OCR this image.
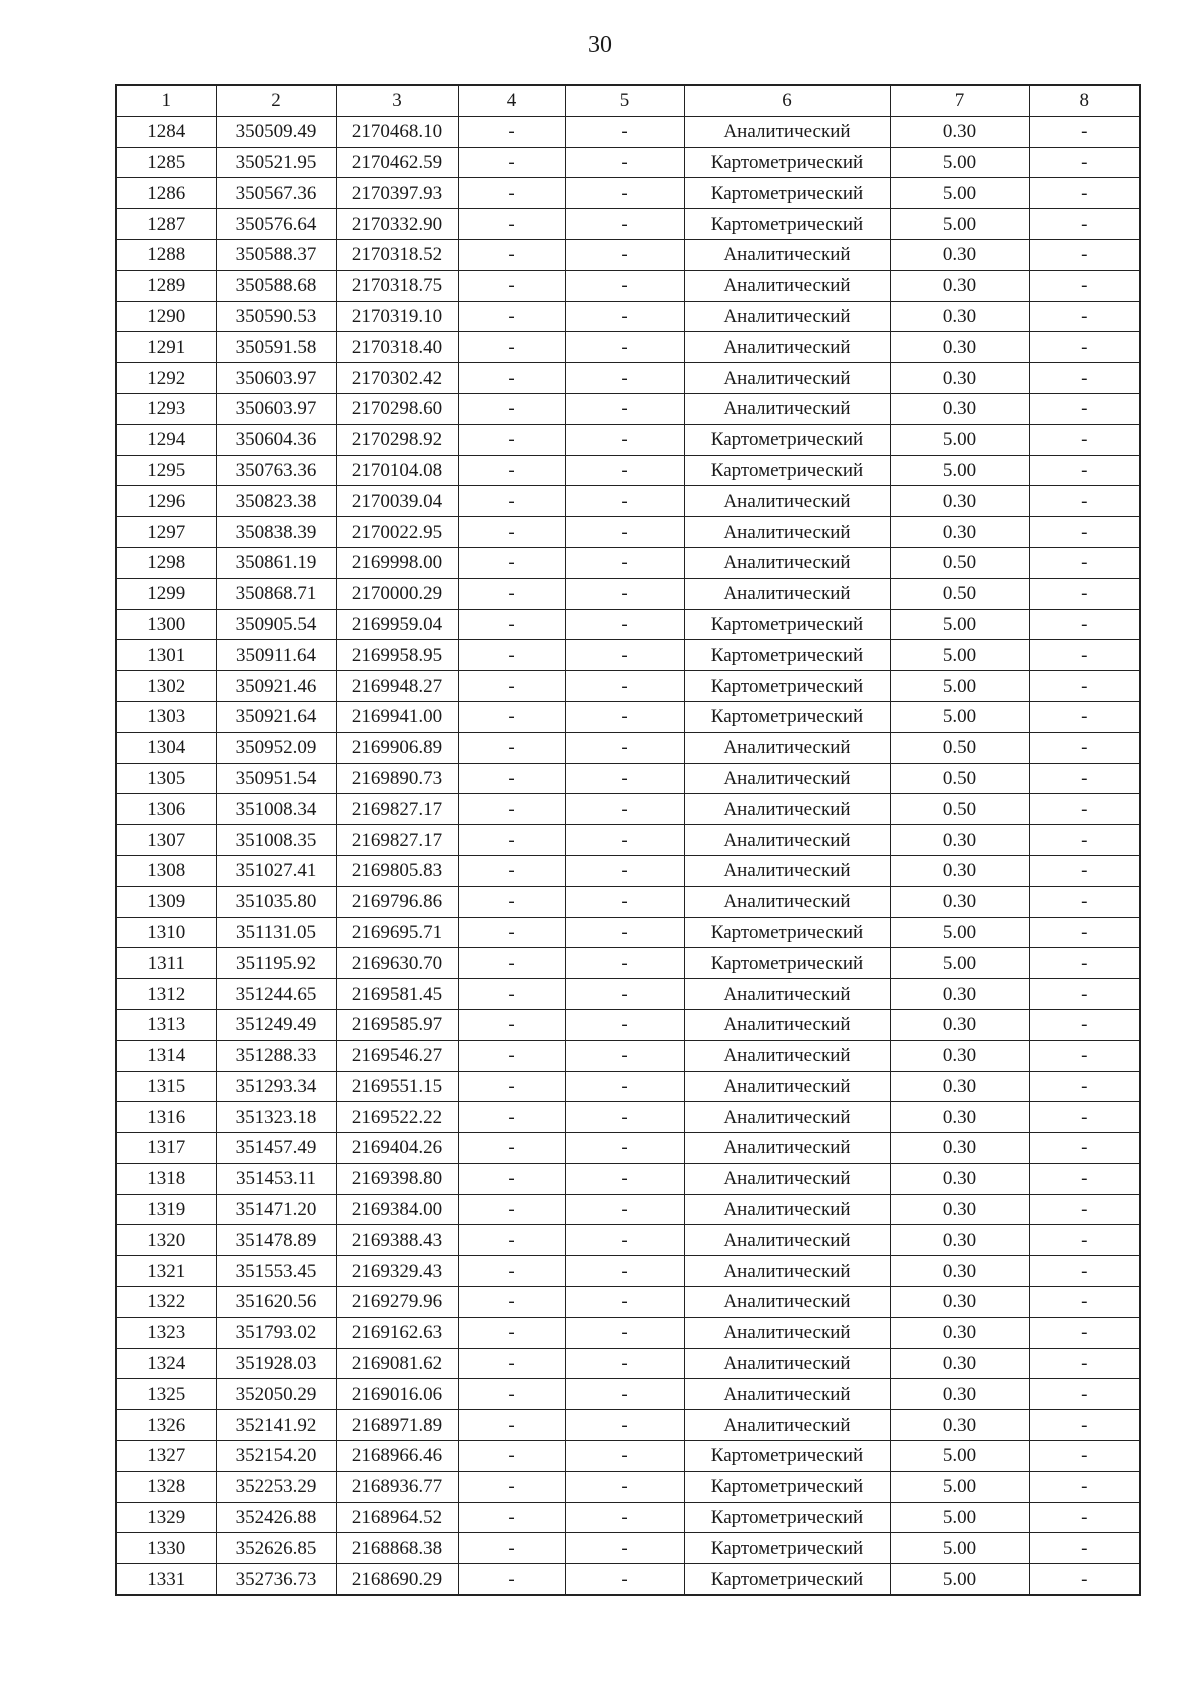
30
1	2	3	4	5	6	7	8
1284	350509.49	2170468.10	-	-	Аналитический	0.30	-
1285	350521.95	2170462.59	-	-	Картометрический	5.00	-
1286	350567.36	2170397.93	-	-	Картометрический	5.00	-
1287	350576.64	2170332.90	-	-	Картометрический	5.00	-
1288	350588.37	2170318.52	-	-	Аналитический	0.30	-
1289	350588.68	2170318.75	-	-	Аналитический	0.30	-
1290	350590.53	2170319.10	-	-	Аналитический	0.30	-
1291	350591.58	2170318.40	-	-	Аналитический	0.30	-
1292	350603.97	2170302.42	-	-	Аналитический	0.30	-
1293	350603.97	2170298.60	-	-	Аналитический	0.30	-
1294	350604.36	2170298.92	-	-	Картометрический	5.00	-
1295	350763.36	2170104.08	-	-	Картометрический	5.00	-
1296	350823.38	2170039.04	-	-	Аналитический	0.30	-
1297	350838.39	2170022.95	-	-	Аналитический	0.30	-
1298	350861.19	2169998.00	-	-	Аналитический	0.50	-
1299	350868.71	2170000.29	-	-	Аналитический	0.50	-
1300	350905.54	2169959.04	-	-	Картометрический	5.00	-
1301	350911.64	2169958.95	-	-	Картометрический	5.00	-
1302	350921.46	2169948.27	-	-	Картометрический	5.00	-
1303	350921.64	2169941.00	-	-	Картометрический	5.00	-
1304	350952.09	2169906.89	-	-	Аналитический	0.50	-
1305	350951.54	2169890.73	-	-	Аналитический	0.50	-
1306	351008.34	2169827.17	-	-	Аналитический	0.50	-
1307	351008.35	2169827.17	-	-	Аналитический	0.30	-
1308	351027.41	2169805.83	-	-	Аналитический	0.30	-
1309	351035.80	2169796.86	-	-	Аналитический	0.30	-
1310	351131.05	2169695.71	-	-	Картометрический	5.00	-
1311	351195.92	2169630.70	-	-	Картометрический	5.00	-
1312	351244.65	2169581.45	-	-	Аналитический	0.30	-
1313	351249.49	2169585.97	-	-	Аналитический	0.30	-
1314	351288.33	2169546.27	-	-	Аналитический	0.30	-
1315	351293.34	2169551.15	-	-	Аналитический	0.30	-
1316	351323.18	2169522.22	-	-	Аналитический	0.30	-
1317	351457.49	2169404.26	-	-	Аналитический	0.30	-
1318	351453.11	2169398.80	-	-	Аналитический	0.30	-
1319	351471.20	2169384.00	-	-	Аналитический	0.30	-
1320	351478.89	2169388.43	-	-	Аналитический	0.30	-
1321	351553.45	2169329.43	-	-	Аналитический	0.30	-
1322	351620.56	2169279.96	-	-	Аналитический	0.30	-
1323	351793.02	2169162.63	-	-	Аналитический	0.30	-
1324	351928.03	2169081.62	-	-	Аналитический	0.30	-
1325	352050.29	2169016.06	-	-	Аналитический	0.30	-
1326	352141.92	2168971.89	-	-	Аналитический	0.30	-
1327	352154.20	2168966.46	-	-	Картометрический	5.00	-
1328	352253.29	2168936.77	-	-	Картометрический	5.00	-
1329	352426.88	2168964.52	-	-	Картометрический	5.00	-
1330	352626.85	2168868.38	-	-	Картометрический	5.00	-
1331	352736.73	2168690.29	-	-	Картометрический	5.00	-
